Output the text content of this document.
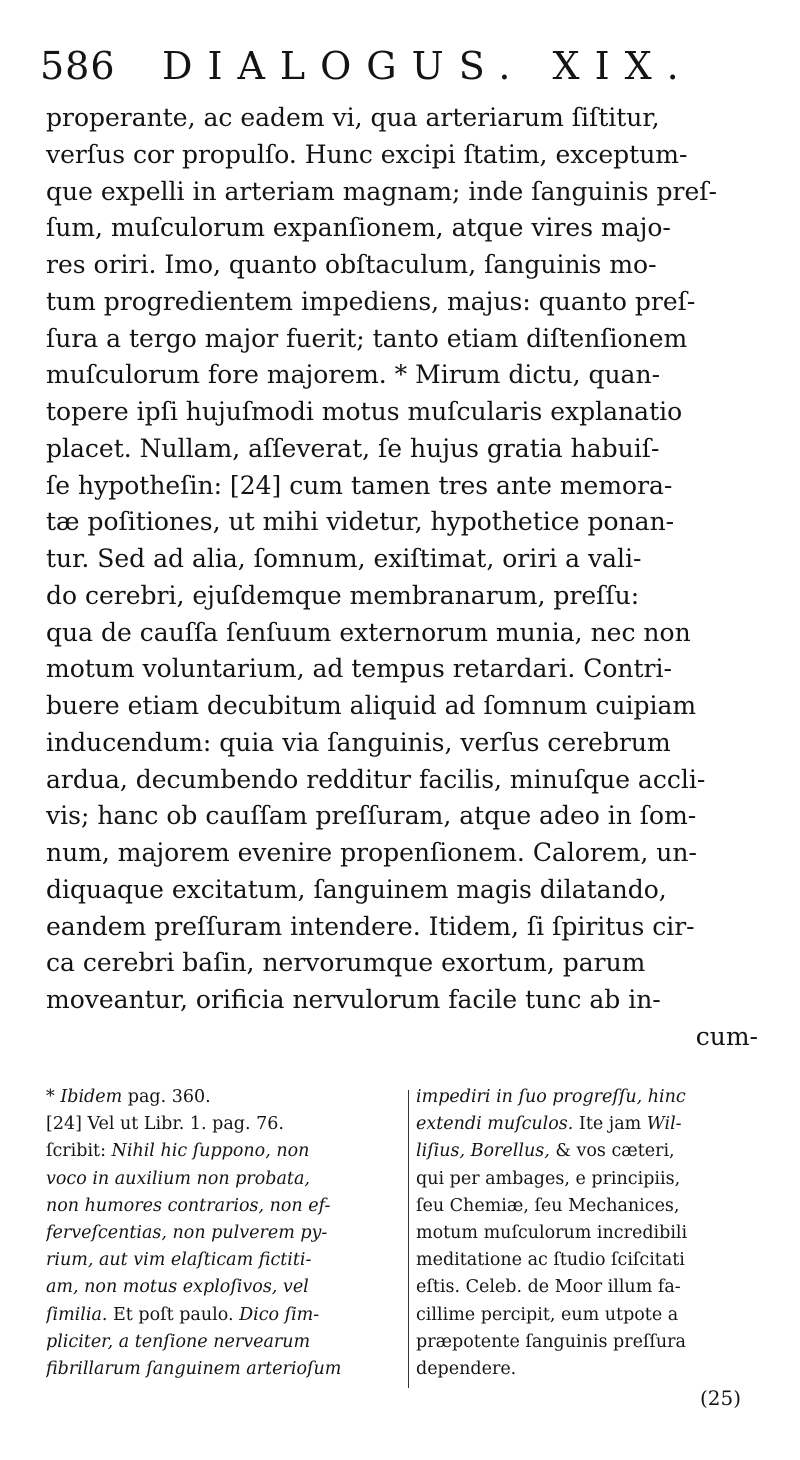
586 DIALOGUS. XIX.
properante, ac eadem vi, qua arteriarum ſiſtitur,
verſus cor propulſo. Hunc excipi ſtatim, exceptum-
que expelli in arteriam magnam; inde ſanguinis preſ-
ſum, muſculorum expanſionem, atque vires majo-
res oriri. Imo, quanto obſtaculum, ſanguinis mo-
tum progredientem impediens, majus: quanto preſ-
ſura a tergo major fuerit; tanto etiam diſtenſionem
muſculorum fore majorem. * Mirum dictu, quan-
topere ipſi hujuſmodi motus muſcularis explanatio
placet. Nullam, aſſeverat, ſe hujus gratia habuiſ-
ſe hypotheſin: [24] cum tamen tres ante memora-
tæ poſitiones, ut mihi videtur, hypothetice ponan-
tur. Sed ad alia, ſomnum, exiſtimat, oriri a vali-
do cerebri, ejuſdemque membranarum, preſſu:
qua de cauſſa ſenſuum externorum munia, nec non
motum voluntarium, ad tempus retardari. Contri-
buere etiam decubitum aliquid ad ſomnum cuipiam
inducendum: quia via ſanguinis, verſus cerebrum
ardua, decumbendo redditur facilis, minuſque accli-
vis; hanc ob cauſſam preſſuram, atque adeo in ſom-
num, majorem evenire propenſionem. Calorem, un-
diquaque excitatum, ſanguinem magis dilatando,
eandem preſſuram intendere. Itidem, ſi ſpiritus cir-
ca cerebri baſin, nervorumque exortum, parum
moveantur, orificia nervulorum facile tunc ab in-
cum-
* Ibidem pag. 360.
[24] Vel ut Libr. 1. pag. 76.
ſcribit: Nihil hic ſuppono, non
voco in auxilium non probata,
non humores contrarios, non ef-
ferveſcentias, non pulverem py-
rium, aut vim elaſticam fictiti-
am, non motus exploſivos, vel
ſimilia. Et poſt paulo. Dico ſim-
pliciter, a tenſione nervearum
fibrillarum ſanguinem arterioſum
impediri in ſuo progreſſu, hinc
extendi muſculos. Ite jam Wil-
liſius, Borellus, & vos cæteri,
qui per ambages, e principiis,
ſeu Chemiæ, ſeu Mechanices,
motum muſculorum incredibili
meditatione ac ſtudio ſciſcitati
eſtis. Celeb. de Moor illum fa-
cillime percipit, eum utpote a
præpotente ſanguinis preſſura
dependere.
(25)
